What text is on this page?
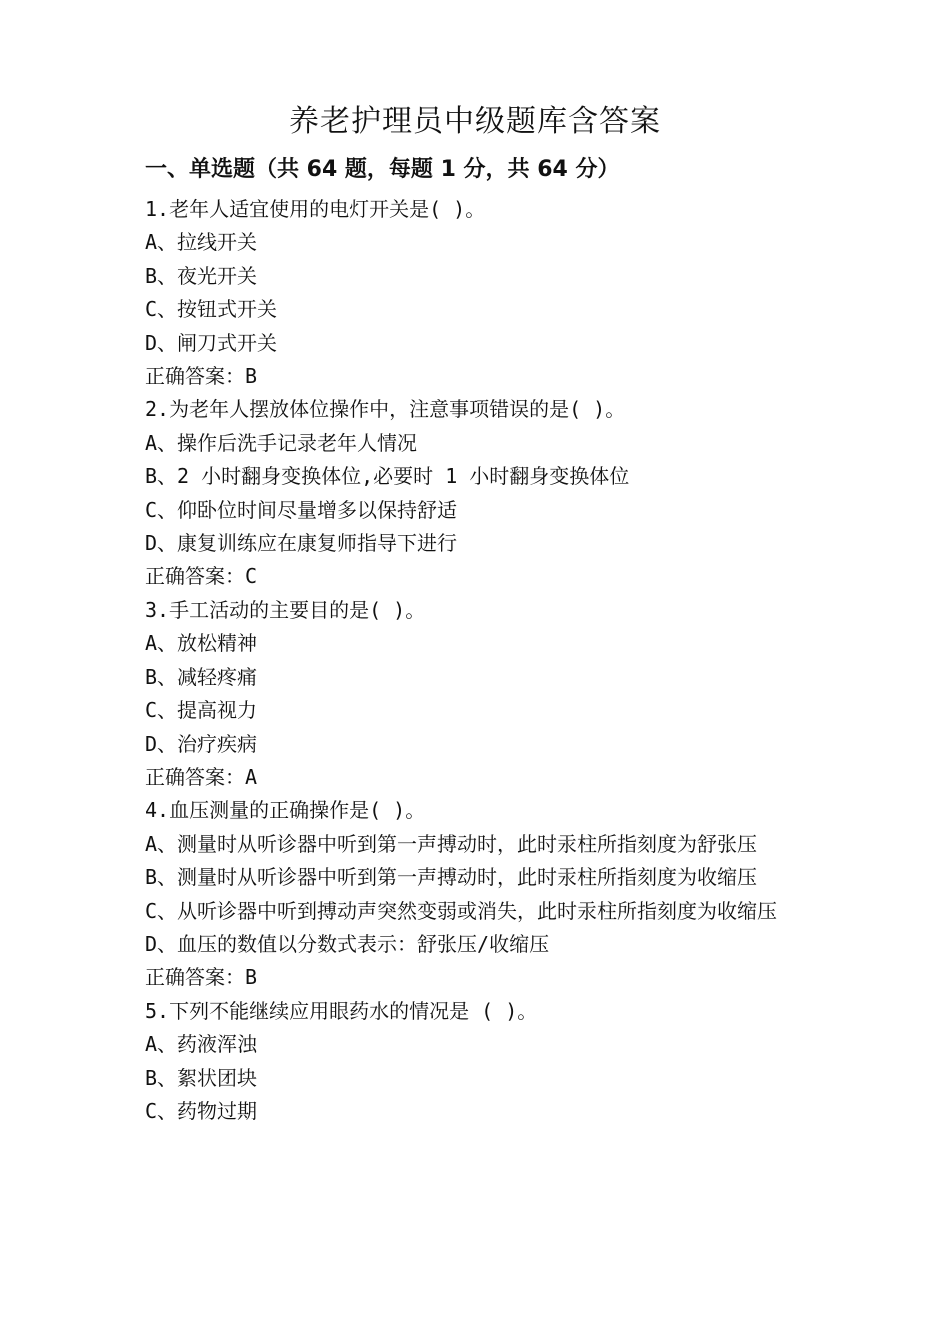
养老护理员中级题库含答案
一、单选题（共 64 题，每题 1 分，共 64 分）
1.老年人适宜使用的电灯开关是( )。
A、拉线开关
B、夜光开关
C、按钮式开关
D、闸刀式开关
正确答案：B
2.为老年人摆放体位操作中，注意事项错误的是( )。
A、操作后洗手记录老年人情况
B、2 小时翻身变换体位,必要时 1 小时翻身变换体位
C、仰卧位时间尽量增多以保持舒适
D、康复训练应在康复师指导下进行
正确答案：C
3.手工活动的主要目的是( )。
A、放松精神
B、减轻疼痛
C、提高视力
D、治疗疾病
正确答案：A
4.血压测量的正确操作是( )。
A、测量时从听诊器中听到第一声搏动时，此时汞柱所指刻度为舒张压
B、测量时从听诊器中听到第一声搏动时，此时汞柱所指刻度为收缩压
C、从听诊器中听到搏动声突然变弱或消失，此时汞柱所指刻度为收缩压
D、血压的数值以分数式表示：舒张压/收缩压
正确答案：B
5.下列不能继续应用眼药水的情况是 ( )。
A、药液浑浊
B、絮状团块
C、药物过期
